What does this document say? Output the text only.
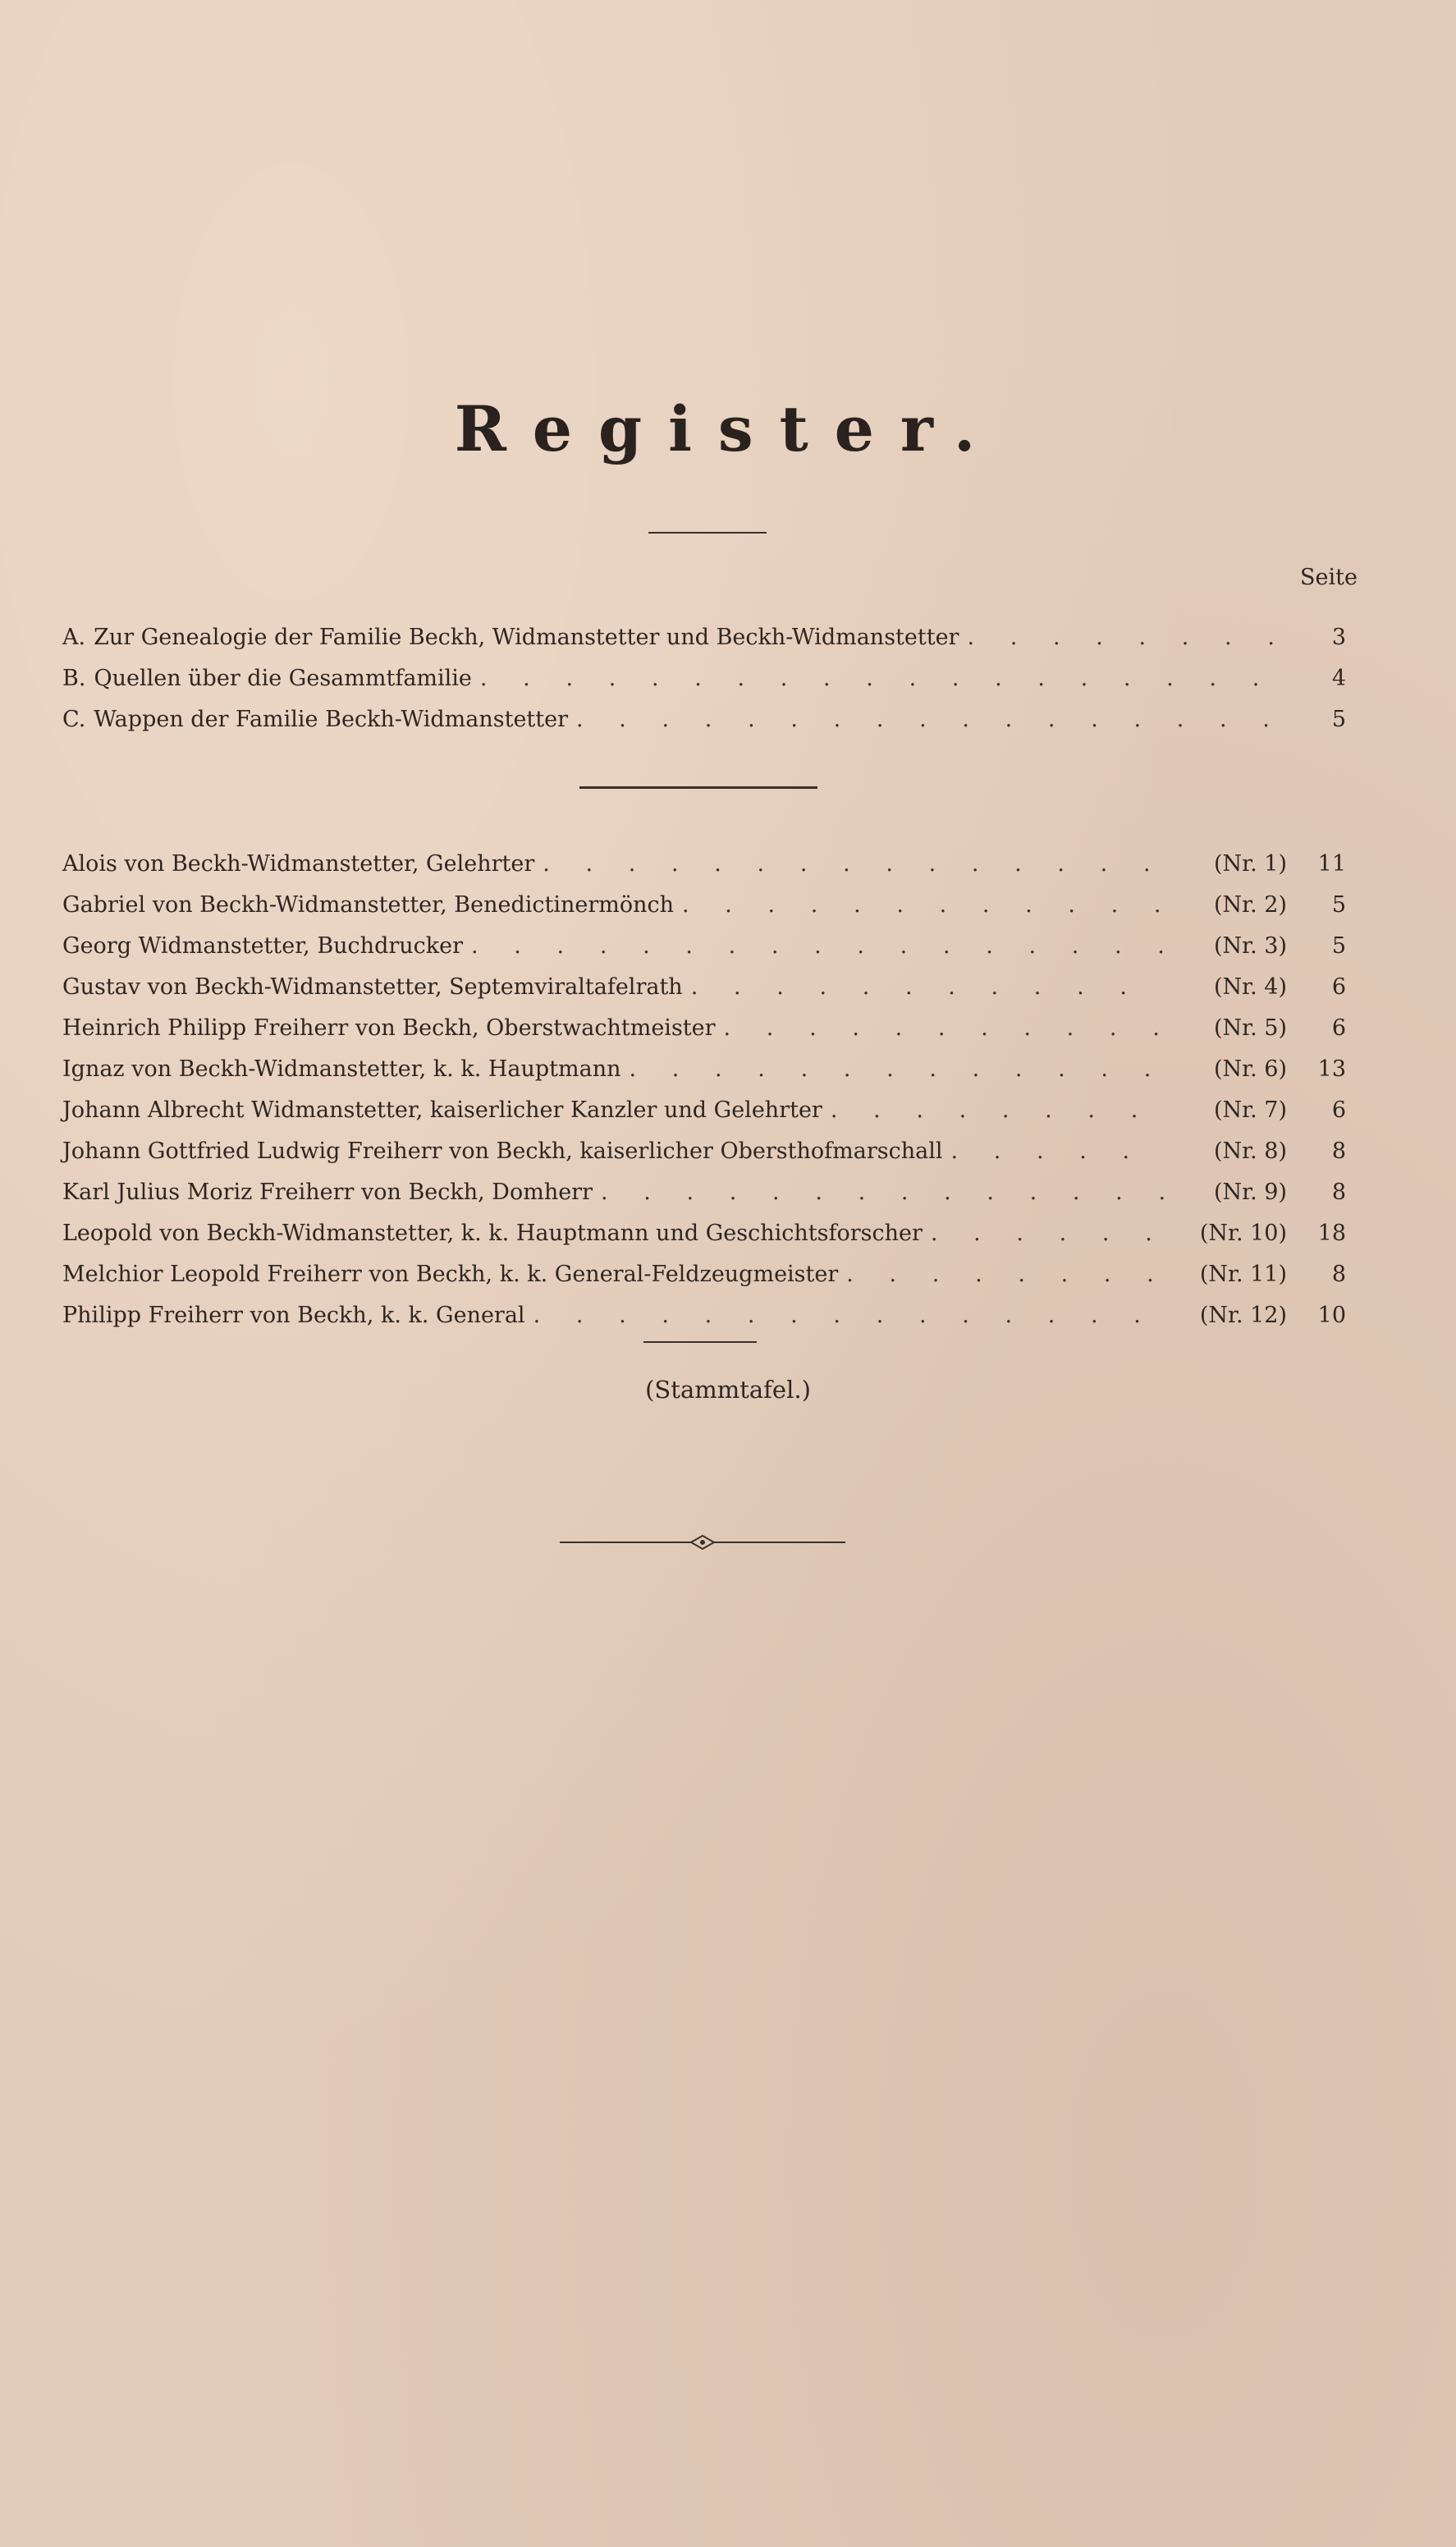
Register.
Seite
A. Zur Genealogie der Familie Beckh, Widmanstetter und Beckh-Widmanstetter . . .	3
B. Quellen über die Gesammtfamilie . . .	4
C. Wappen der Familie Beckh-Widmanstetter . . .	5
Alois von Beckh-Widmanstetter, Gelehrter . . .	(Nr. 1)	11
Gabriel von Beckh-Widmanstetter, Benedictinermönch . . .	(Nr. 2)	5
Georg Widmanstetter, Buchdrucker . . .	(Nr. 3)	5
Gustav von Beckh-Widmanstetter, Septemviraltafelrath . . .	(Nr. 4)	6
Heinrich Philipp Freiherr von Beckh, Oberstwachtmeister . . .	(Nr. 5)	6
Ignaz von Beckh-Widmanstetter, k. k. Hauptmann . . .	(Nr. 6)	13
Johann Albrecht Widmanstetter, kaiserlicher Kanzler und Gelehrter . . .	(Nr. 7)	6
Johann Gottfried Ludwig Freiherr von Beckh, kaiserlicher Obersthofmarschall . . .	(Nr. 8)	8
Karl Julius Moriz Freiherr von Beckh, Domherr . . .	(Nr. 9)	8
Leopold von Beckh-Widmanstetter, k. k. Hauptmann und Geschichtsforscher . . .	(Nr. 10)	18
Melchior Leopold Freiherr von Beckh, k. k. General-Feldzeugmeister . . .	(Nr. 11)	8
Philipp Freiherr von Beckh, k. k. General . . .	(Nr. 12)	10
(Stammtafel.)
